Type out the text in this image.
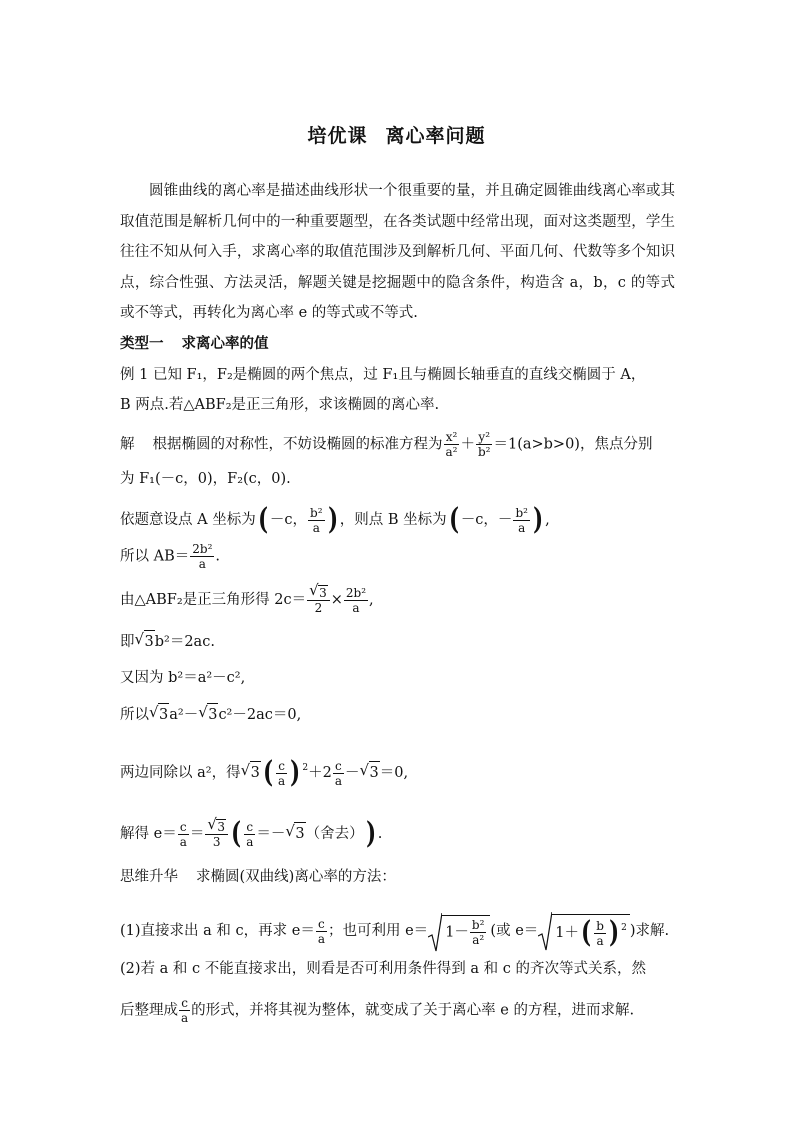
培优课 离心率问题
圆锥曲线的离心率是描述曲线形状一个很重要的量，并且确定圆锥曲线离心率或其取值范围是解析几何中的一种重要题型，在各类试题中经常出现，面对这类题型，学生往往不知从何入手，求离心率的取值范围涉及到解析几何、平面几何、代数等多个知识点，综合性强、方法灵活，解题关键是挖掘题中的隐含条件，构造含 a，b，c 的等式或不等式，再转化为离心率 e 的等式或不等式.
类型一 求离心率的值
例 1 已知 F₁，F₂是椭圆的两个焦点，过 F₁且与椭圆长轴垂直的直线交椭圆于 A，
B 两点.若△ABF₂是正三角形，求该椭圆的离心率.
解 根据椭圆的对称性，不妨设椭圆的标准方程为 $\frac{\text{x²}}{\text{a²}} + \frac{\text{y²}}{\text{b²}} =1(a>b>0)$，焦点分别
为 F₁(－c，0)，F₂(c，0).
依题意设点 A 坐标为( －c， $\frac{\text{b²}}{a}$ ) ，则点 B 坐标为( －c，－ $\frac{\text{b²}}{a}$ ) ,
所以 $AB= \frac{\text{2b²}}{a}$ .
由△ABF₂是正三角形得 2c＝ √ $\frac{3}{2} \times \frac{\text{2b²}}{a}$ ,
即 √ 3b²＝2ac.
又因为 b²＝a²－c²,
所以 √ 3a²－ √ 3c²－2ac＝0,
两边同除以 a²，得 √ 3 ( $\frac{c}{a}$ ) $^2+2 \frac{c}{a}$ － √ 3＝0,
解得 $e= \frac{c}{a}$ ＝ √ $\frac{3}{3}$ ( $\frac{c}{a}$ ＝－ √ 3（舍去）) .
思维升华 求椭圆(双曲线)离心率的方法：
(1)直接求出 a 和 c，再求 $e= \frac{c}{a}$ ；也可利用 $e= 1- \frac{\text{b²}}{\text{a²}}$ (或 $e= 1+( \frac{b}{a}$ ) $^2$ )求解.
(2)若 a 和 c 不能直接求出，则看是否可利用条件得到 a 和 c 的齐次等式关系，然
后整理成 $\frac{c}{a}$ 的形式，并将其视为整体，就变成了关于离心率 e 的方程，进而求解.
